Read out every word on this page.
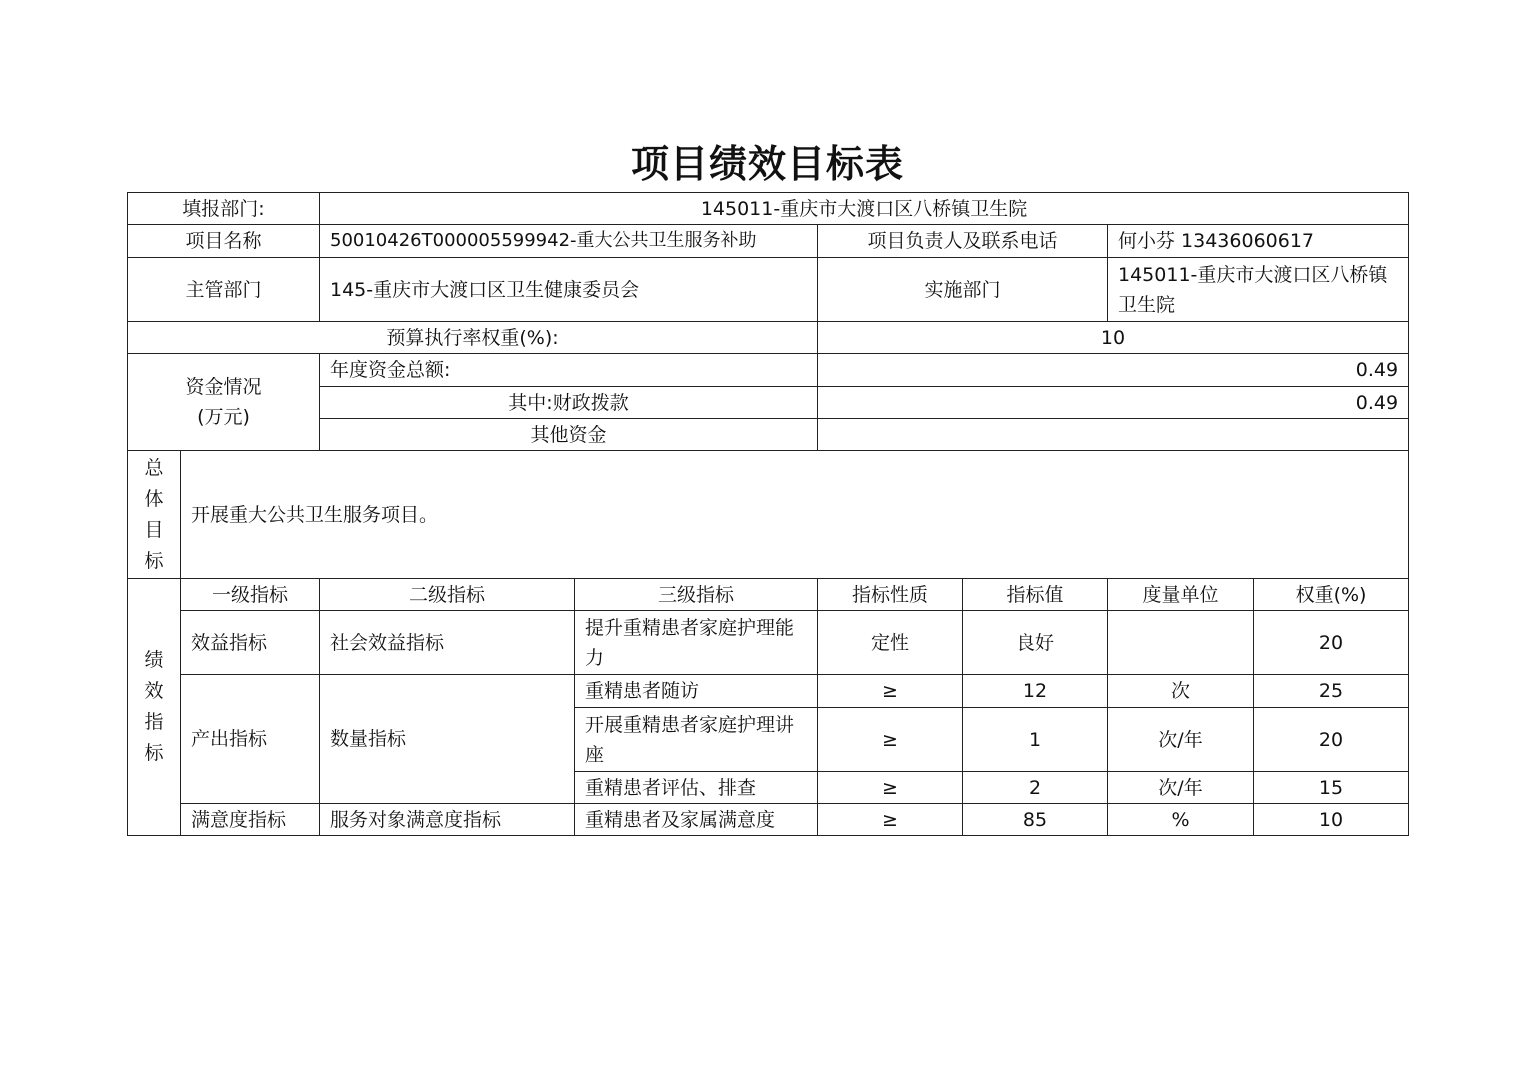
项目绩效目标表
填报部门:		145011-重庆市大渡口区八桥镇卫生院					
项目名称		50010426T000005599942-重大公共卫生服务补助		项目负责人及联系电话		何小芬 13436060617	
主管部门		145-重庆市大渡口区卫生健康委员会		实施部门		145011-重庆市大渡口区八桥镇卫生院	
预算执行率权重(%):				10			

资金情况
(万元)		年度资金总额:		0.49			
		其中:财政拨款		0.49			
		其他资金					

总
体
目
标	开展重大公共卫生服务项目。						

绩
效
指
标	一级指标	二级指标	三级指标	指标性质	指标值	度量单位	权重(%)
	效益指标	社会效益指标	提升重精患者家庭护理能力	定性	良好		20
	产出指标	数量指标	重精患者随访	≥	12	次	25
			开展重精患者家庭护理讲座	≥	1	次/年	20
			重精患者评估、排查	≥	2	次/年	15
	满意度指标	服务对象满意度指标	重精患者及家属满意度	≥	85	%	10
